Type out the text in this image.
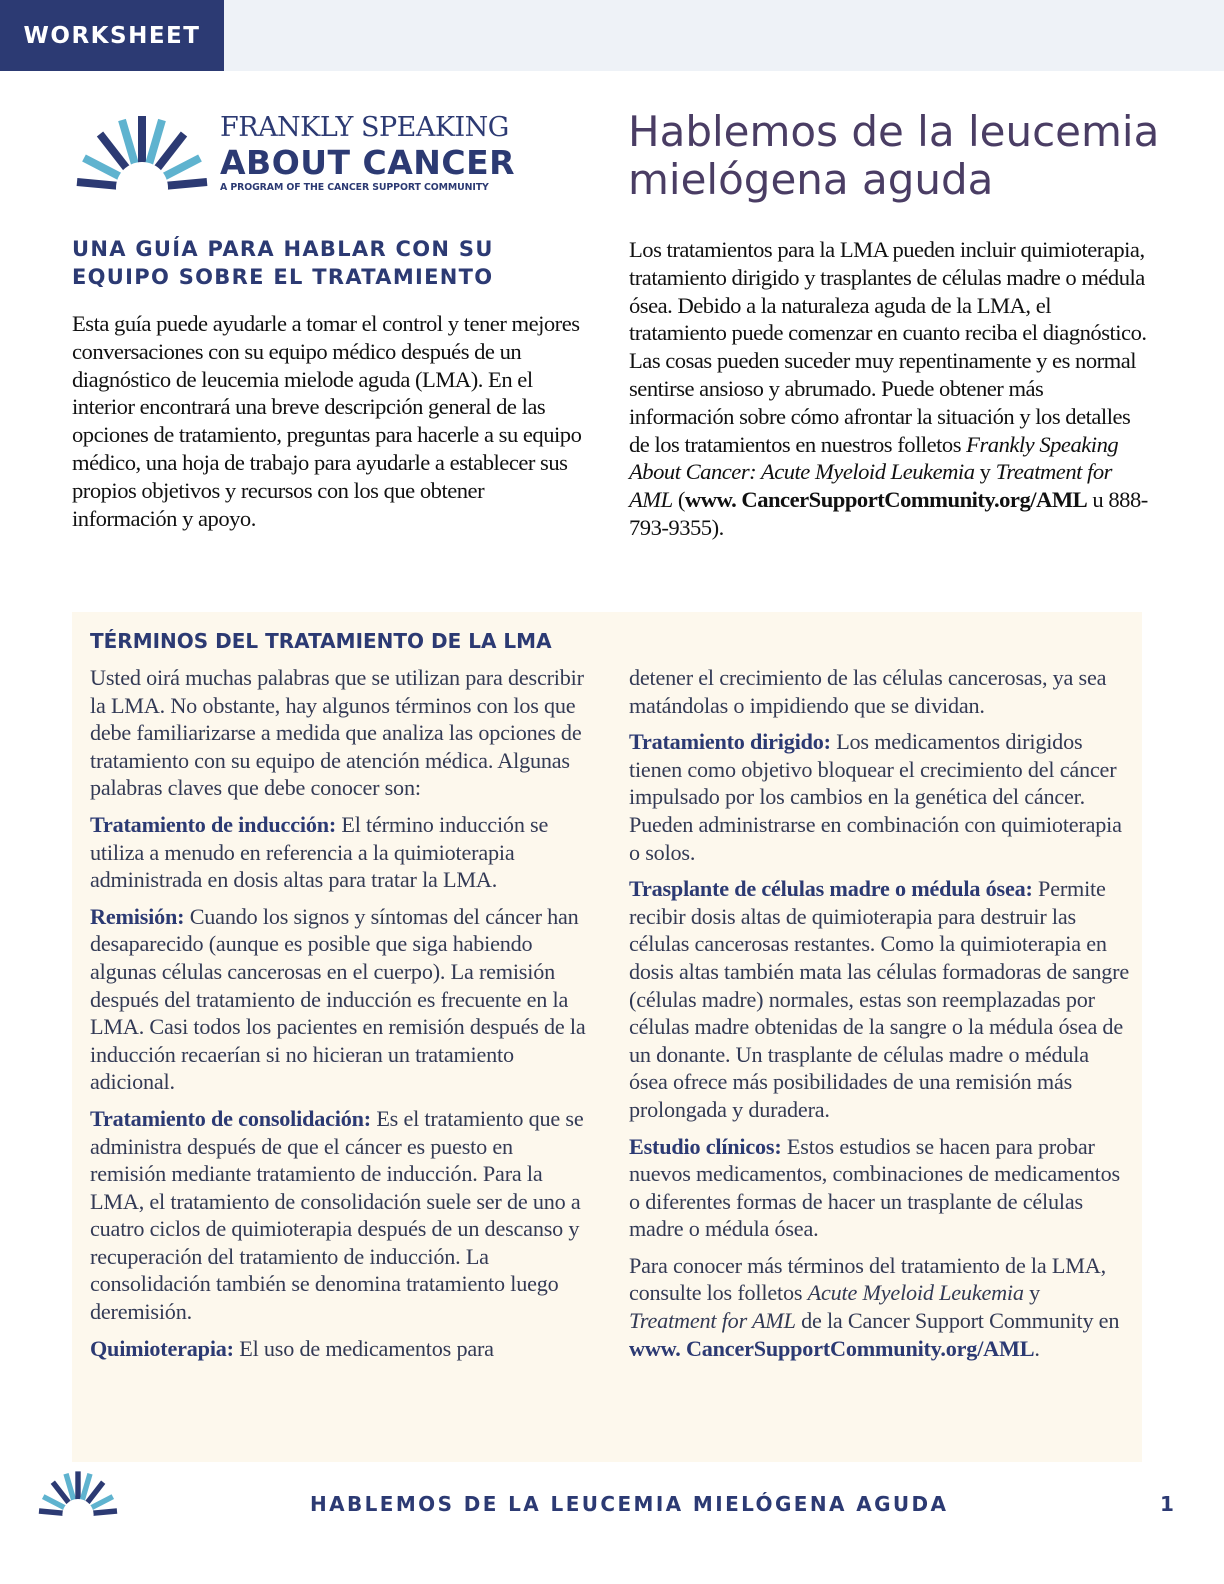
WORKSHEET
FRANKLY SPEAKING
ABOUT CANCER
A PROGRAM OF THE CANCER SUPPORT COMMUNITY
Hablemos de la leucemia mielógena aguda
UNA GUÍA PARA HABLAR CON SU EQUIPO SOBRE EL TRATAMIENTO

Esta guía puede ayudarle a tomar el control y tener mejores conversaciones con su equipo médico después de un diagnóstico de leucemia mielode aguda (LMA). En el interior encontrará una breve descripción general de las opciones de tratamiento, preguntas para hacerle a su equipo médico, una hoja de trabajo para ayudarle a establecer sus propios objetivos y recursos con los que obtener información y apoyo.

Los tratamientos para la LMA pueden incluir quimioterapia, tratamiento dirigido y trasplantes de células madre o médula ósea. Debido a la naturaleza aguda de la LMA, el tratamiento puede comenzar en cuanto reciba el diagnóstico. Las cosas pueden suceder muy repentinamente y es normal sentirse ansioso y abrumado. Puede obtener más información sobre cómo afrontar la situación y los detalles de los tratamientos en nuestros folletos Frankly Speaking About Cancer: Acute Myeloid Leukemia y Treatment for AML (www. CancerSupportCommunity.org/AML u 888-793-9355).

TÉRMINOS DEL TRATAMIENTO DE LA LMA

Usted oirá muchas palabras que se utilizan para describir la LMA. No obstante, hay algunos términos con los que debe familiarizarse a medida que analiza las opciones de tratamiento con su equipo de atención médica. Algunas palabras claves que debe conocer son:

Tratamiento de inducción: El término inducción se utiliza a menudo en referencia a la quimioterapia administrada en dosis altas para tratar la LMA.

Remisión: Cuando los signos y síntomas del cáncer han desaparecido (aunque es posible que siga habiendo algunas células cancerosas en el cuerpo). La remisión después del tratamiento de inducción es frecuente en la LMA. Casi todos los pacientes en remisión después de la inducción recaerían si no hicieran un tratamiento adicional.

Tratamiento de consolidación: Es el tratamiento que se administra después de que el cáncer es puesto en remisión mediante tratamiento de inducción. Para la LMA, el tratamiento de consolidación suele ser de uno a cuatro ciclos de quimioterapia después de un descanso y recuperación del tratamiento de inducción. La consolidación también se denomina tratamiento luego deremisión.

Quimioterapia: El uso de medicamentos para

detener el crecimiento de las células cancerosas, ya sea matándolas o impidiendo que se dividan.

Tratamiento dirigido: Los medicamentos dirigidos tienen como objetivo bloquear el crecimiento del cáncer impulsado por los cambios en la genética del cáncer. Pueden administrarse en combinación con quimioterapia o solos.

Trasplante de células madre o médula ósea: Permite recibir dosis altas de quimioterapia para destruir las células cancerosas restantes. Como la quimioterapia en dosis altas también mata las células formadoras de sangre (células madre) normales, estas son reemplazadas por células madre obtenidas de la sangre o la médula ósea de un donante. Un trasplante de células madre o médula ósea ofrece más posibilidades de una remisión más prolongada y duradera.

Estudio clínicos: Estos estudios se hacen para probar nuevos medicamentos, combinaciones de medicamentos o diferentes formas de hacer un trasplante de células madre o médula ósea.

Para conocer más términos del tratamiento de la LMA, consulte los folletos Acute Myeloid Leukemia y Treatment for AML de la Cancer Support Community en www. CancerSupportCommunity.org/AML.

HABLEMOS DE LA LEUCEMIA MIELÓGENA AGUDA	1
